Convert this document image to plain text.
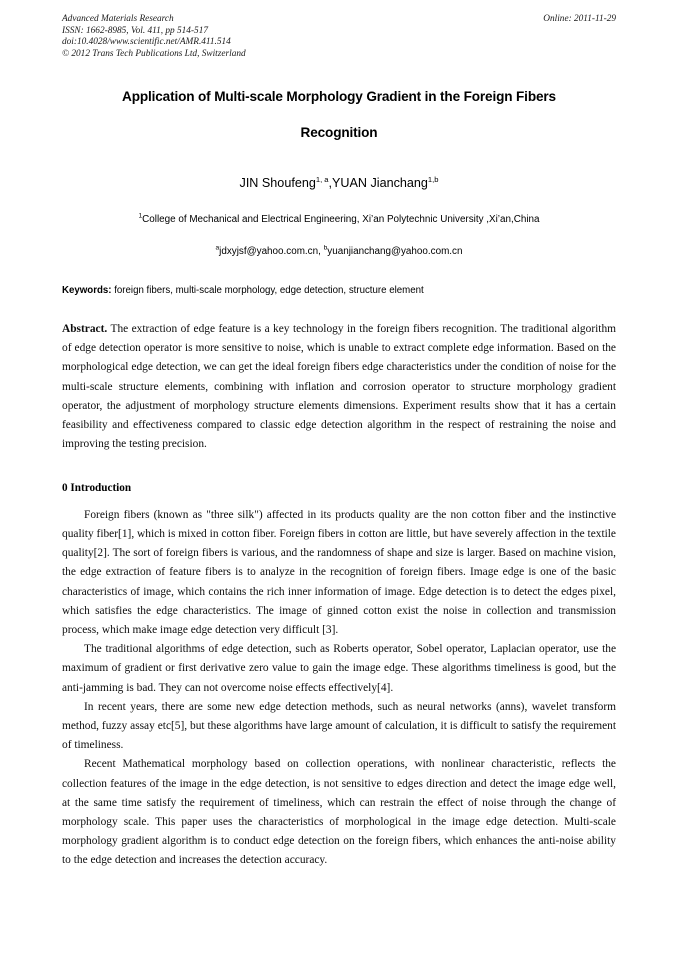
Advanced Materials Research
ISSN: 1662-8985, Vol. 411, pp 514-517
doi:10.4028/www.scientific.net/AMR.411.514
© 2012 Trans Tech Publications Ltd, Switzerland
Online: 2011-11-29
Application of Multi-scale Morphology Gradient in the Foreign Fibers
Recognition
JIN Shoufeng$^{1, a}$,YUAN Jianchang$^{1,b}$
$^1$College of Mechanical and Electrical Engineering, Xi’an Polytechnic University ,Xi’an,China
$^a$jdxyjsf@yahoo.com.cn, $^b$yuanjianchang@yahoo.com.cn
Keywords: foreign fibers, multi-scale morphology, edge detection, structure element
Abstract. The extraction of edge feature is a key technology in the foreign fibers recognition. The traditional algorithm of edge detection operator is more sensitive to noise, which is unable to extract complete edge information. Based on the morphological edge detection, we can get the ideal foreign fibers edge characteristics under the condition of noise for the multi-scale structure elements, combining with inflation and corrosion operator to structure morphology gradient operator, the adjustment of morphology structure elements dimensions. Experiment results show that it has a certain feasibility and effectiveness compared to classic edge detection algorithm in the respect of restraining the noise and improving the testing precision.
0 Introduction

Foreign fibers (known as "three silk") affected in its products quality are the non cotton fiber and the instinctive quality fiber[1], which is mixed in cotton fiber. Foreign fibers in cotton are little, but have severely affection in the textile quality[2]. The sort of foreign fibers is various, and the randomness of shape and size is larger. Based on machine vision, the edge extraction of feature fibers is to analyze in the recognition of foreign fibers. Image edge is one of the basic characteristics of image, which contains the rich inner information of image. Edge detection is to detect the edges pixel, which satisfies the edge characteristics. The image of ginned cotton exist the noise in collection and transmission process, which make image edge detection very difficult [3].

The traditional algorithms of edge detection, such as Roberts operator, Sobel operator, Laplacian operator, use the maximum of gradient or first derivative zero value to gain the image edge. These algorithms timeliness is good, but the anti-jamming is bad. They can not overcome noise effects effectively[4].

In recent years, there are some new edge detection methods, such as neural networks (anns), wavelet transform method, fuzzy assay etc[5], but these algorithms have large amount of calculation, it is difficult to satisfy the requirement of timeliness.

Recent Mathematical morphology based on collection operations, with nonlinear characteristic, reflects the collection features of the image in the edge detection, is not sensitive to edges direction and detect the image edge well, at the same time satisfy the requirement of timeliness, which can restrain the effect of noise through the change of morphology scale. This paper uses the characteristics of morphological in the image edge detection. Multi-scale morphology gradient algorithm is to conduct edge detection on the foreign fibers, which enhances the anti-noise ability to the edge detection and increases the detection accuracy.
